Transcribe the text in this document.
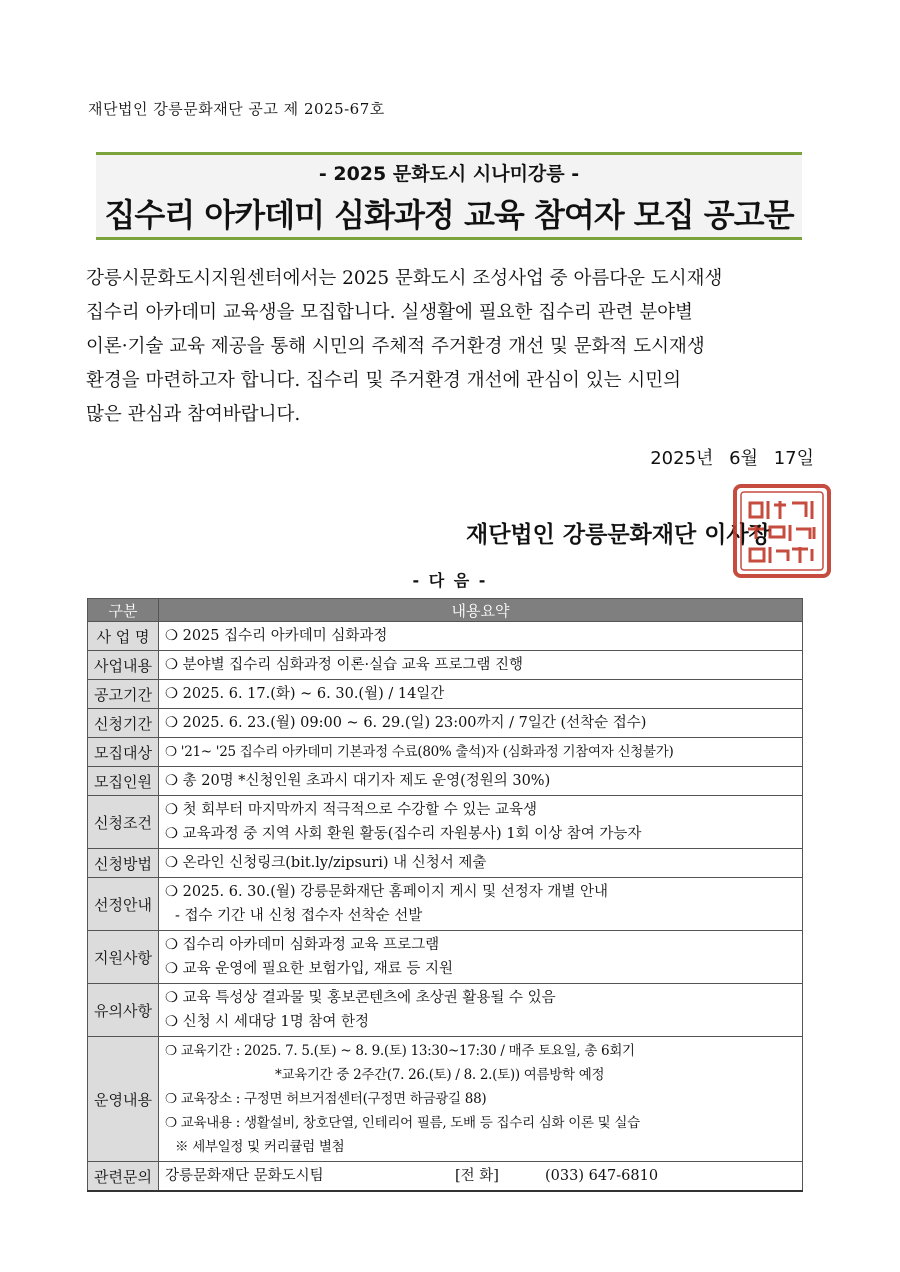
재단법인 강릉문화재단 공고 제 2025-67호
- 2025 문화도시 시나미강릉 -
집수리 아카데미 심화과정 교육 참여자 모집 공고문

강릉시문화도시지원센터에서는 2025 문화도시 조성사업 중 아름다운 도시재생

집수리 아카데미 교육생을 모집합니다. 실생활에 필요한 집수리 관련 분야별

이론·기술 교육 제공을 통해 시민의 주체적 주거환경 개선 및 문화적 도시재생

환경을 마련하고자 합니다. 집수리 및 주거환경 개선에 관심이 있는 시민의

많은 관심과 참여바랍니다.

2025년 6월 17일
재단법인 강릉문화재단 이사장
- 다 음 -
구분	내용요약
사 업 명	❍ 2025 집수리 아카데미 심화과정

사업내용	❍ 분야별 집수리 심화과정 이론·실습 교육 프로그램 진행

공고기간	❍ 2025. 6. 17.(화) ~ 6. 30.(월) / 14일간

신청기간	❍ 2025. 6. 23.(월) 09:00 ~ 6. 29.(일) 23:00까지 / 7일간 (선착순 접수)

모집대상	❍ '21~ '25 집수리 아카데미 기본과정 수료(80% 출석)자 (심화과정 기참여자 신청불가)

모집인원	❍ 총 20명 *신청인원 초과시 대기자 제도 운영(정원의 30%)

신청조건	❍ 첫 회부터 마지막까지 적극적으로 수강할 수 있는 교육생
❍ 교육과정 중 지역 사회 환원 활동(집수리 자원봉사) 1회 이상 참여 가능자

신청방법	❍ 온라인 신청링크(bit.ly/zipsuri) 내 신청서 제출

선정안내	❍ 2025. 6. 30.(월) 강릉문화재단 홈페이지 게시 및 선정자 개별 안내
- 접수 기간 내 신청 접수자 선착순 선발

지원사항	❍ 집수리 아카데미 심화과정 교육 프로그램
❍ 교육 운영에 필요한 보험가입, 재료 등 지원

유의사항	❍ 교육 특성상 결과물 및 홍보콘텐츠에 초상권 활용될 수 있음
❍ 신청 시 세대당 1명 참여 한정

운영내용	❍ 교육기간 : 2025. 7. 5.(토) ~ 8. 9.(토) 13:30~17:30 / 매주 토요일, 총 6회기
*교육기간 중 2주간(7. 26.(토) / 8. 2.(토)) 여름방학 예정
❍ 교육장소 : 구정면 허브거점센터(구정면 하금광길 88)
❍ 교육내용 : 생활설비, 창호단열, 인테리어 필름, 도배 등 집수리 심화 이론 및 실습
※ 세부일정 및 커리큘럼 별첨

관련문의	강릉문화재단 문화도시팀 [전 화] (033) 647-6810
